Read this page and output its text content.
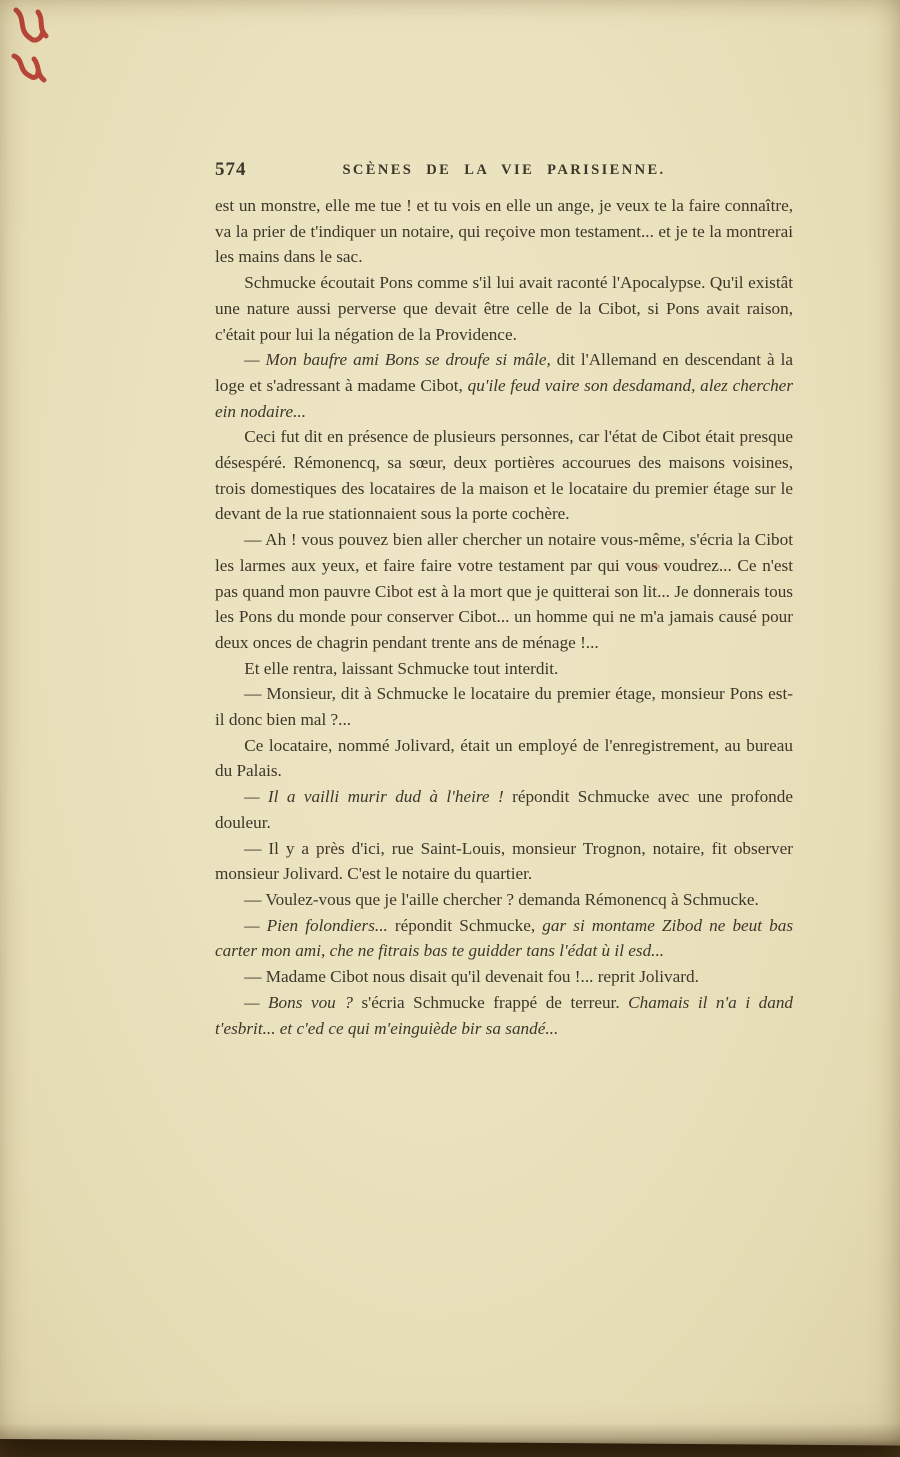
574	SCÈNES DE LA VIE PARISIENNE.

est un monstre, elle me tue ! et tu vois en elle un ange, je veux te la faire connaître, va la prier de t'indiquer un notaire, qui reçoive mon testament... et je te la montrerai les mains dans le sac.

Schmucke écoutait Pons comme s'il lui avait raconté l'Apocalypse. Qu'il existât une nature aussi perverse que devait être celle de la Cibot, si Pons avait raison, c'était pour lui la négation de la Providence.

— Mon baufre ami Bons se droufe si mâle, dit l'Allemand en descendant à la loge et s'adressant à madame Cibot, qu'ile feud vaire son desdamand, alez chercher ein nodaire...

Ceci fut dit en présence de plusieurs personnes, car l'état de Cibot était presque désespéré. Rémonencq, sa sœur, deux portières accourues des maisons voisines, trois domestiques des locataires de la maison et le locataire du premier étage sur le devant de la rue stationnaient sous la porte cochère.

— Ah ! vous pouvez bien aller chercher un notaire vous-même, s'écria la Cibot les larmes aux yeux, et faire faire votre testament par qui vous voudrez... Ce n'est pas quand mon pauvre Cibot est à la mort que je quitterai son lit... Je donnerais tous les Pons du monde pour conserver Cibot... un homme qui ne m'a jamais causé pour deux onces de chagrin pendant trente ans de ménage !...

Et elle rentra, laissant Schmucke tout interdit.

— Monsieur, dit à Schmucke le locataire du premier étage, monsieur Pons est-il donc bien mal ?...

Ce locataire, nommé Jolivard, était un employé de l'enregistrement, au bureau du Palais.

— Il a vailli murir dud à l'heire ! répondit Schmucke avec une profonde douleur.

— Il y a près d'ici, rue Saint-Louis, monsieur Trognon, notaire, fit observer monsieur Jolivard. C'est le notaire du quartier.

— Voulez-vous que je l'aille chercher ? demanda Rémonencq à Schmucke.

— Pien folondiers... répondit Schmucke, gar si montame Zibod ne beut bas carter mon ami, che ne fitrais bas te guidder tans l'édat ù il esd...

— Madame Cibot nous disait qu'il devenait fou !... reprit Jolivard.

— Bons vou ? s'écria Schmucke frappé de terreur. Chamais il n'a i dand t'esbrit... et c'ed ce qui m'einguiède bir sa sandé...
